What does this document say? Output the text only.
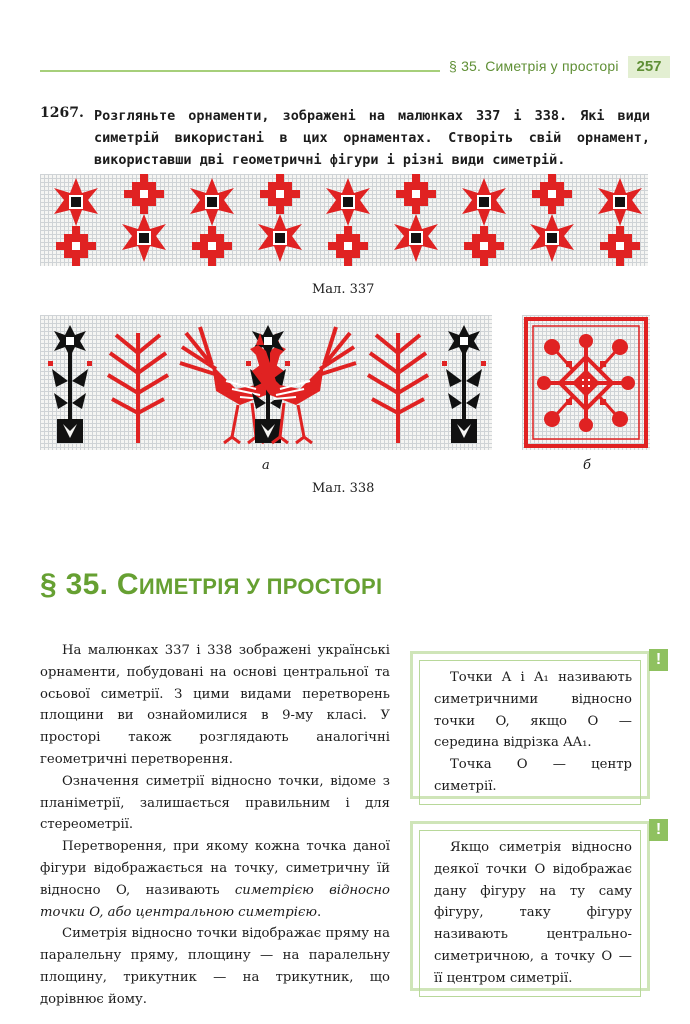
§ 35. Симетрія у просторі	257
1267. Розгляньте орнаменти, зображені на малюнках 337 і 338. Які види симетрій використані в цих орнаментах. Створіть свій орнамент, використавши дві геометричні фігури і різні види симетрій.
Мал. 337
а	б
Мал. 338
§ 35. СИМЕТРІЯ У ПРОСТОРІ

На малюнках 337 і 338 зображені українські орнаменти, побудовані на основі центральної та осьової симетрії. З цими видами перетворень площини ви ознайомилися в 9-му класі. У просторі також розглядають аналогічні геометричні перетворення.

Означення симетрії відносно точки, відоме з планіметрії, залишається правильним і для стереометрії.

Перетворення, при якому кожна точка даної фігури відображається на точку, симетричну їй відносно O, називають симетрією відносно точки O, або центральною симетрією.

Симетрія відносно точки відображає пряму на паралельну пряму, площину — на паралельну площину, трикутник — на трикутник, що дорівнює йому.

Точки A і A₁ називають симетричними відносно точки O, якщо O — середина відрізка AA₁.

Точка O — центр симетрії.

!

Якщо симетрія відносно деякої точки O відображає дану фігуру на ту саму фігуру, таку фігуру називають центрально-симетричною, а точку O — її центром симетрії.

!
